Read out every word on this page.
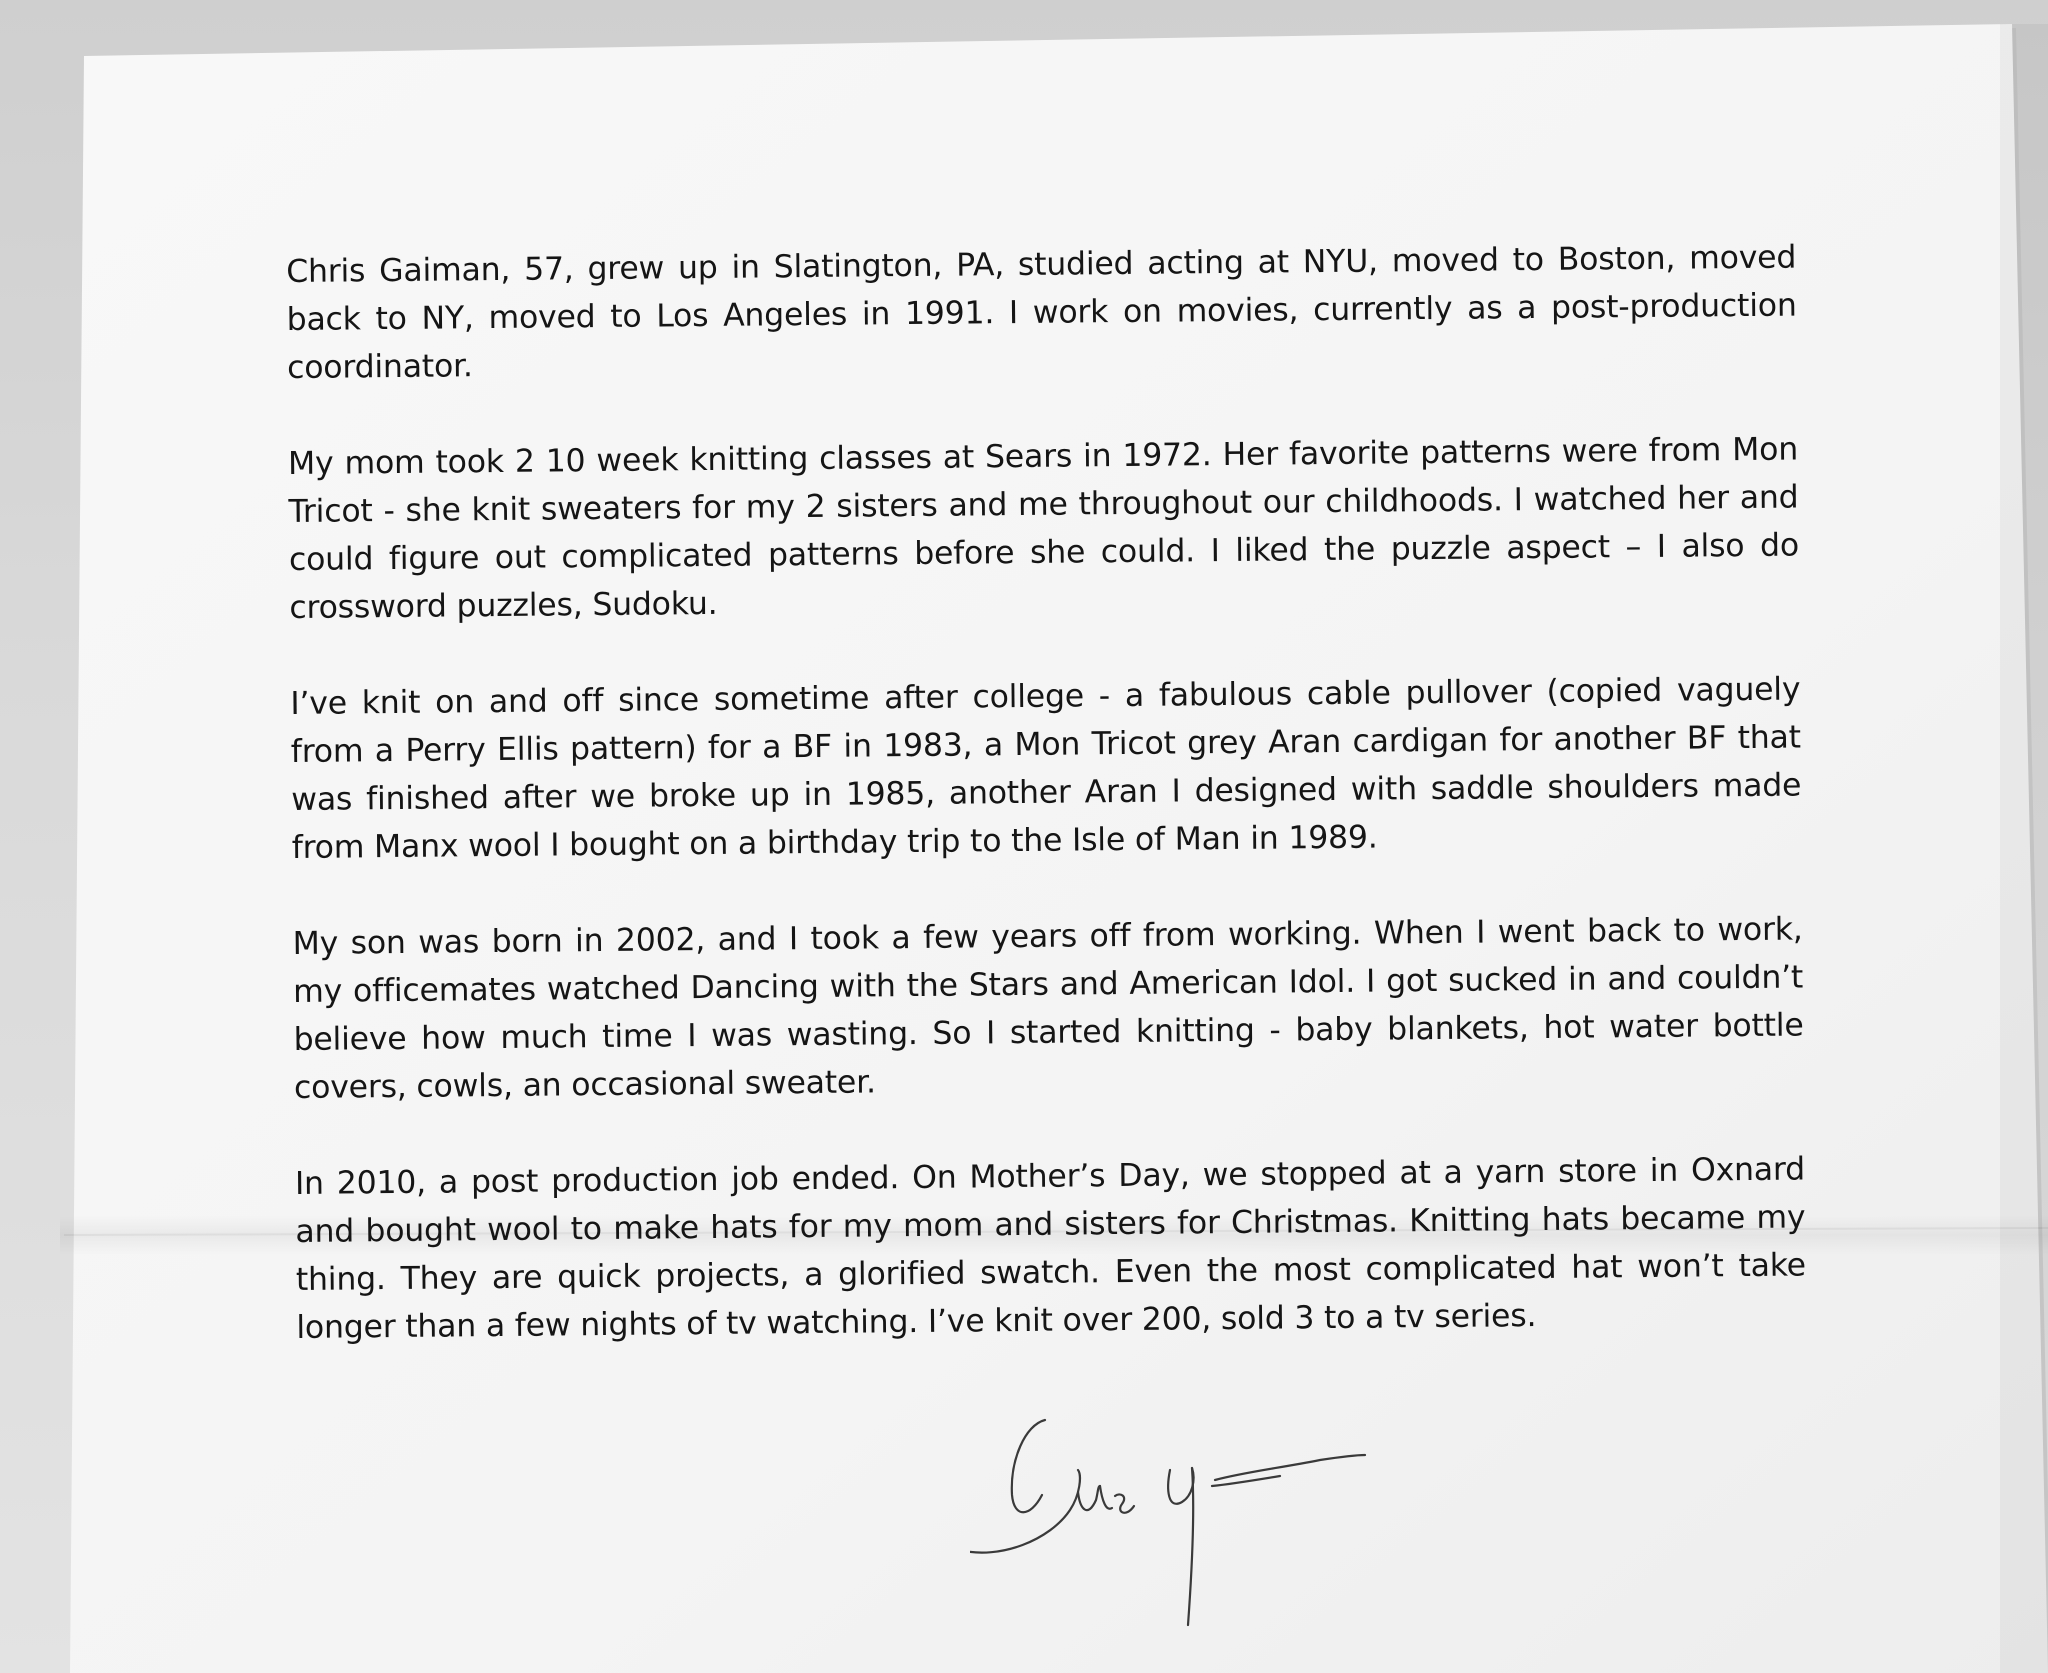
Chris Gaiman, 57, grew up in Slatington, PA, studied acting at NYU, moved to Boston, moved back to NY, moved to Los Angeles in 1991. I work on movies, currently as a post-production coordinator.

My mom took 2 10 week knitting classes at Sears in 1972. Her favorite patterns were from Mon Tricot - she knit sweaters for my 2 sisters and me throughout our childhoods. I watched her and could figure out complicated patterns before she could. I liked the puzzle aspect – I also do crossword puzzles, Sudoku.

I’ve knit on and off since sometime after college - a fabulous cable pullover (copied vaguely from a Perry Ellis pattern) for a BF in 1983, a Mon Tricot grey Aran cardigan for another BF that was finished after we broke up in 1985, another Aran I designed with saddle shoulders made from Manx wool I bought on a birthday trip to the Isle of Man in 1989.

My son was born in 2002, and I took a few years off from working. When I went back to work, my officemates watched Dancing with the Stars and American Idol. I got sucked in and couldn’t believe how much time I was wasting. So I started knitting - baby blankets, hot water bottle covers, cowls, an occasional sweater.

In 2010, a post production job ended. On Mother’s Day, we stopped at a yarn store in Oxnard and bought wool to make hats for my mom and sisters for Christmas. Knitting hats became my thing. They are quick projects, a glorified swatch. Even the most complicated hat won’t take longer than a few nights of tv watching. I’ve knit over 200, sold 3 to a tv series.
